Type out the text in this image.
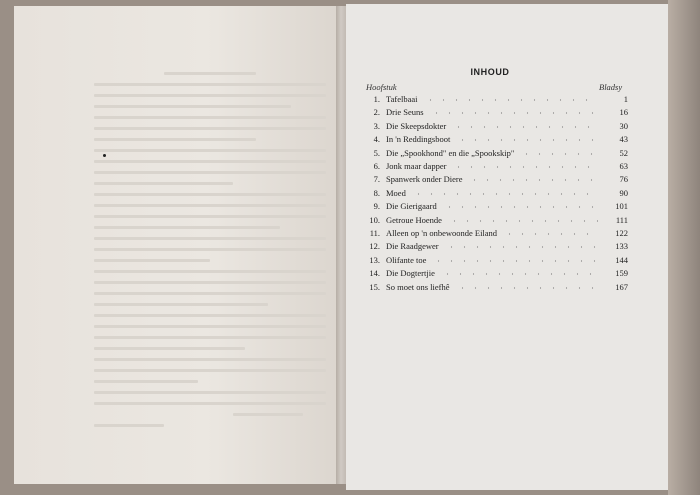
INHOUD
Hoofstuk	Bladsy
1. Tafelbaai	1
2. Drie Seuns	16
3. Die Skeepsdokter	30
4. In 'n Reddingsboot	43
5. Die „Spookhond" en die „Spookskip"	52
6. Jonk maar dapper	63
7. Spanwerk onder Diere	76
8. Moed	90
9. Die Gierigaard	101
10. Getroue Hoende	111
11. Alleen op 'n onbewoonde Eiland	122
12. Die Raadgewer	133
13. Olifante toe	144
14. Die Dogtertjie	159
15. So moet ons liefhê	167
